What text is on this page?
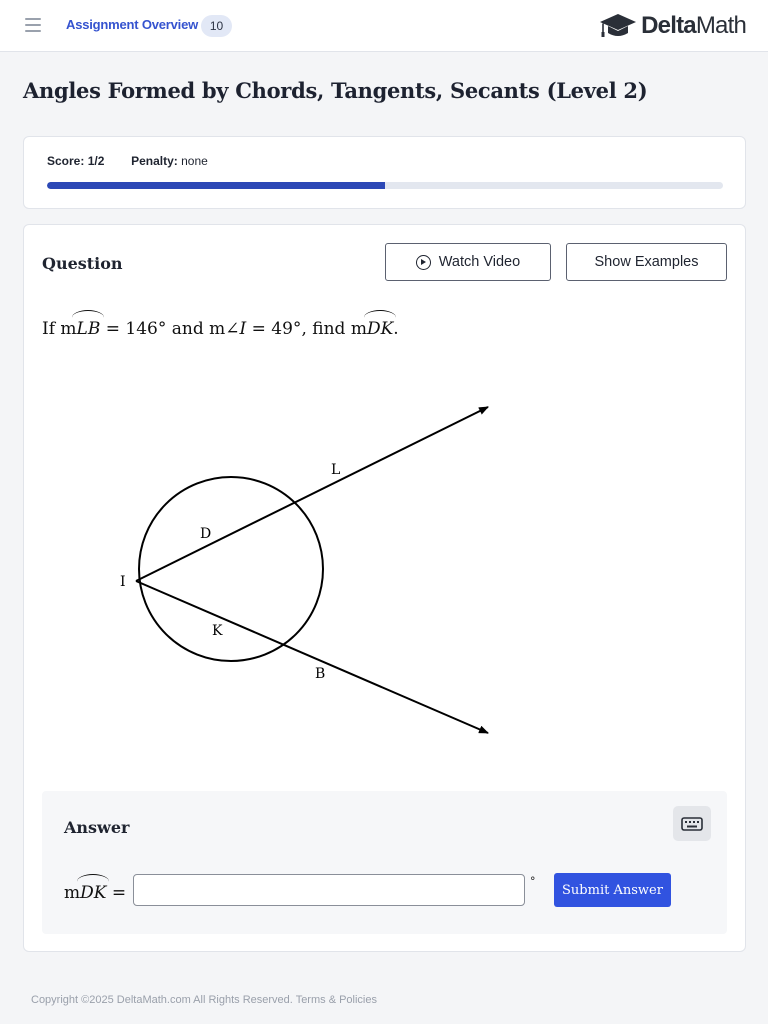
Assignment Overview 10	DeltaMath
Angles Formed by Chords, Tangents, Secants (Level 2)
Score: 1/2 Penalty: none
Question	Watch Video	Show Examples
If mLB = 146° and m∠I = 49°, find mDK.
I
D
L
K
B
Answer
mDK =
°
Submit Answer
Copyright ©2025 DeltaMath.com All Rights Reserved. Terms & Policies
